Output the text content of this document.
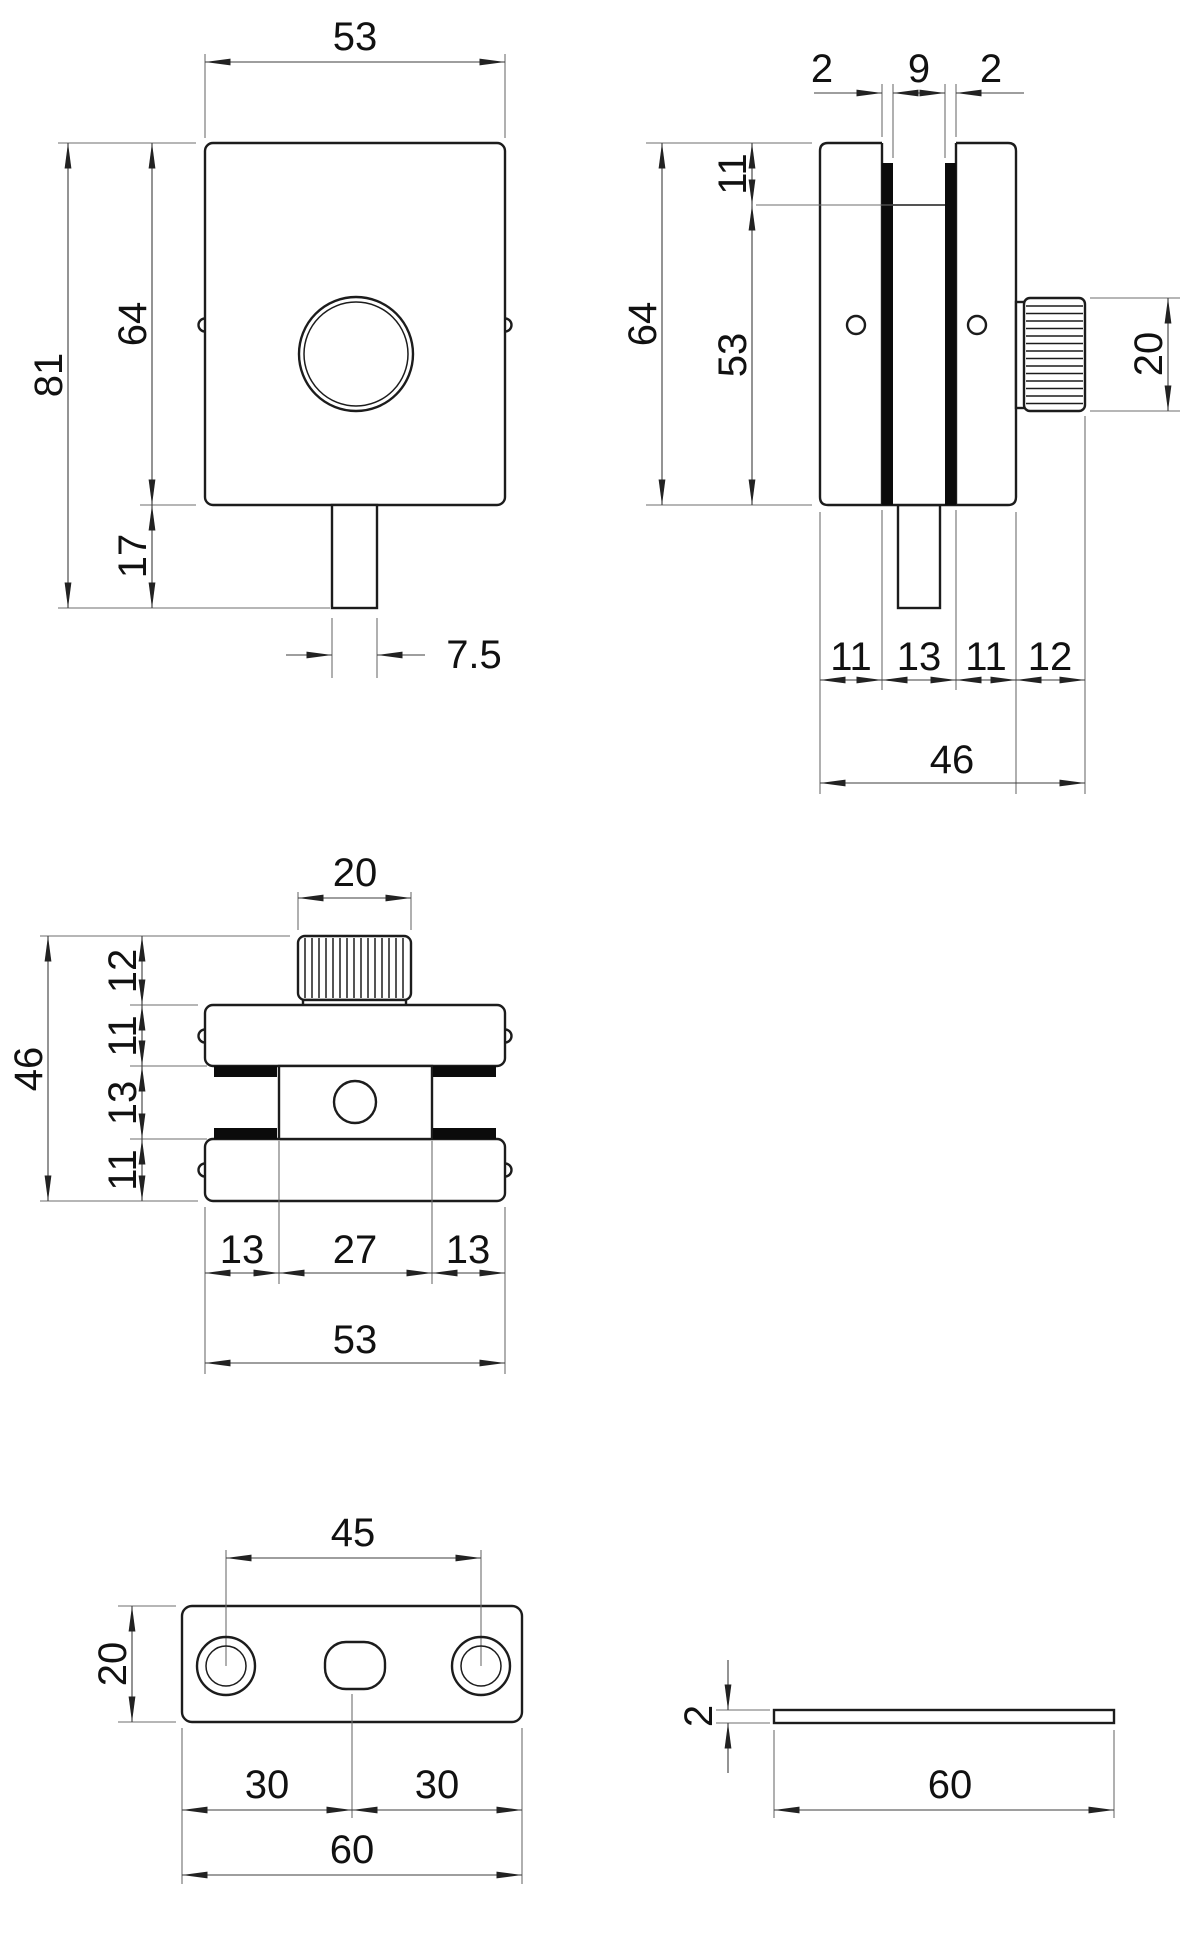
53
81
64
17
7.5
2 9 2
11
64
53	20
11 13 11 12
46
20
12
11
13
11
46
13 27 13
53
45
20
30	30
60
2
60
